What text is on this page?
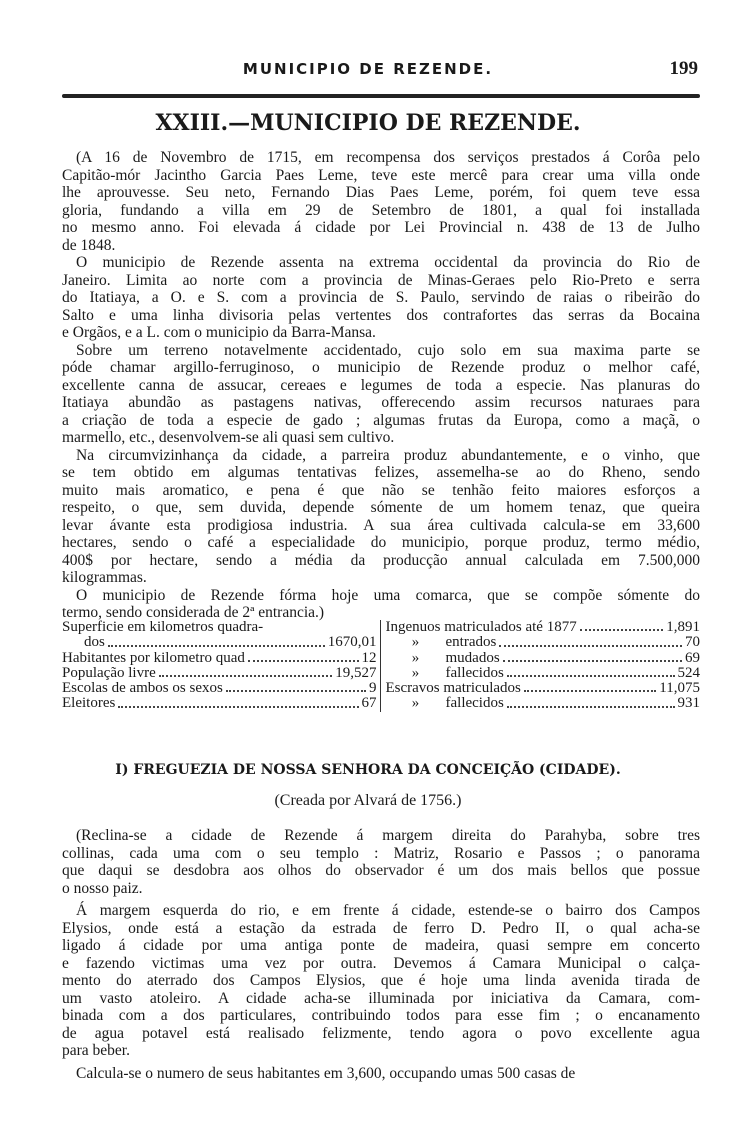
MUNICIPIO DE REZENDE.	199
XXIII.—MUNICIPIO DE REZENDE.
(A 16 de Novembro de 1715, em recompensa dos serviços prestados á Corôa pelo
Capitão-mór Jacintho Garcia Paes Leme, teve este mercê para crear uma villa onde
lhe aprouvesse. Seu neto, Fernando Dias Paes Leme, porém, foi quem teve essa
gloria, fundando a villa em 29 de Setembro de 1801, a qual foi installada
no mesmo anno. Foi elevada á cidade por Lei Provincial n. 438 de 13 de Julho
de 1848.
O municipio de Rezende assenta na extrema occidental da provincia do Rio de
Janeiro. Limita ao norte com a provincia de Minas-Geraes pelo Rio-Preto e serra
do Itatiaya, a O. e S. com a provincia de S. Paulo, servindo de raias o ribeirão do
Salto e uma linha divisoria pelas vertentes dos contrafortes das serras da Bocaina
e Orgãos, e a L. com o municipio da Barra-Mansa.
Sobre um terreno notavelmente accidentado, cujo solo em sua maxima parte se
póde chamar argillo-ferruginoso, o municipio de Rezende produz o melhor café,
excellente canna de assucar, cereaes e legumes de toda a especie. Nas planuras do
Itatiaya abundão as pastagens nativas, offerecendo assim recursos naturaes para
a criação de toda a especie de gado ; algumas frutas da Europa, como a maçã, o
marmello, etc., desenvolvem-se ali quasi sem cultivo.
Na circumvizinhança da cidade, a parreira produz abundantemente, e o vinho, que
se tem obtido em algumas tentativas felizes, assemelha-se ao do Rheno, sendo
muito mais aromatico, e pena é que não se tenhão feito maiores esforços a
respeito, o que, sem duvida, depende sómente de um homem tenaz, que queira
levar ávante esta prodigiosa industria. A sua área cultivada calcula-se em 33,600
hectares, sendo o café a especialidade do municipio, porque produz, termo médio,
400$ por hectare, sendo a média da producção annual calculada em 7.500,000
kilogrammas.
O municipio de Rezende fórma hoje uma comarca, que se compõe sómente do
termo, sendo considerada de 2ª entrancia.)
Superficie em kilometros quadra-
dos	1670,01
Habitantes por kilometro quad	12
População livre	19,527
Escolas de ambos os sexos	9
Eleitores	67
Ingenuos matriculados até 1877	1,891
» entrados	70
» mudados	69
» fallecidos	524
Escravos matriculados	11,075
» fallecidos	931
I) FREGUEZIA DE NOSSA SENHORA DA CONCEIÇÃO (CIDADE).
(Creada por Alvará de 1756.)
(Reclina-se a cidade de Rezende á margem direita do Parahyba, sobre tres
collinas, cada uma com o seu templo : Matriz, Rosario e Passos ; o panorama
que daqui se desdobra aos olhos do observador é um dos mais bellos que possue
o nosso paiz.
Á margem esquerda do rio, e em frente á cidade, estende-se o bairro dos Campos
Elysios, onde está a estação da estrada de ferro D. Pedro II, o qual acha-se
ligado á cidade por uma antiga ponte de madeira, quasi sempre em concerto
e fazendo victimas uma vez por outra. Devemos á Camara Municipal o calça-
mento do aterrado dos Campos Elysios, que é hoje uma linda avenida tirada de
um vasto atoleiro. A cidade acha-se illuminada por iniciativa da Camara, com-
binada com a dos particulares, contribuindo todos para esse fim ; o encanamento
de agua potavel está realisado felizmente, tendo agora o povo excellente agua
para beber.
Calcula-se o numero de seus habitantes em 3,600, occupando umas 500 casas de
